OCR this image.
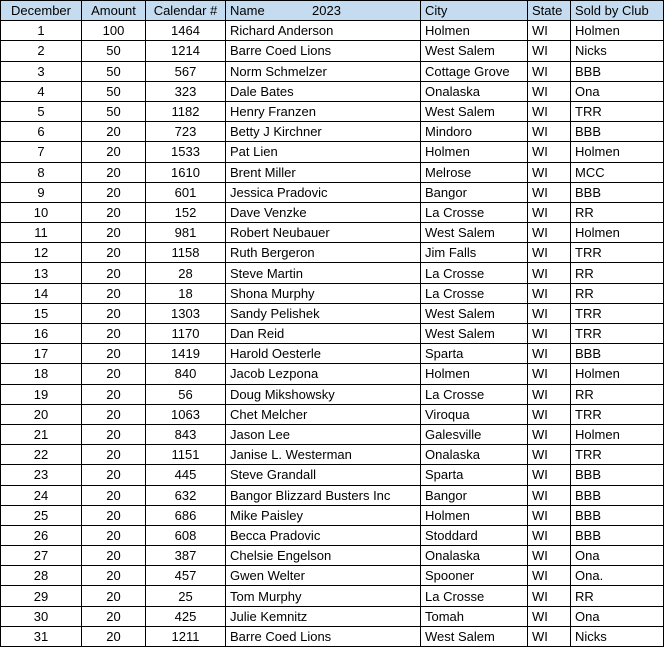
December	Amount	Calendar #	Name 2023	City	State	Sold by Club
1	100	1464	Richard Anderson	Holmen	WI	Holmen
2	50	1214	Barre Coed Lions	West Salem	WI	Nicks
3	50	567	Norm Schmelzer	Cottage Grove	WI	BBB
4	50	323	Dale Bates	Onalaska	WI	Ona
5	50	1182	Henry Franzen	West Salem	WI	TRR
6	20	723	Betty J Kirchner	Mindoro	WI	BBB
7	20	1533	Pat Lien	Holmen	WI	Holmen
8	20	1610	Brent Miller	Melrose	WI	MCC
9	20	601	Jessica Pradovic	Bangor	WI	BBB
10	20	152	Dave Venzke	La Crosse	WI	RR
11	20	981	Robert Neubauer	West Salem	WI	Holmen
12	20	1158	Ruth Bergeron	Jim Falls	WI	TRR
13	20	28	Steve Martin	La Crosse	WI	RR
14	20	18	Shona Murphy	La Crosse	WI	RR
15	20	1303	Sandy Pelishek	West Salem	WI	TRR
16	20	1170	Dan Reid	West Salem	WI	TRR
17	20	1419	Harold Oesterle	Sparta	WI	BBB
18	20	840	Jacob Lezpona	Holmen	WI	Holmen
19	20	56	Doug Mikshowsky	La Crosse	WI	RR
20	20	1063	Chet Melcher	Viroqua	WI	TRR
21	20	843	Jason Lee	Galesville	WI	Holmen
22	20	1151	Janise L. Westerman	Onalaska	WI	TRR
23	20	445	Steve Grandall	Sparta	WI	BBB
24	20	632	Bangor Blizzard Busters Inc	Bangor	WI	BBB
25	20	686	Mike Paisley	Holmen	WI	BBB
26	20	608	Becca Pradovic	Stoddard	WI	BBB
27	20	387	Chelsie Engelson	Onalaska	WI	Ona
28	20	457	Gwen Welter	Spooner	WI	Ona.
29	20	25	Tom Murphy	La Crosse	WI	RR
30	20	425	Julie Kemnitz	Tomah	WI	Ona
31	20	1211	Barre Coed Lions	West Salem	WI	Nicks
